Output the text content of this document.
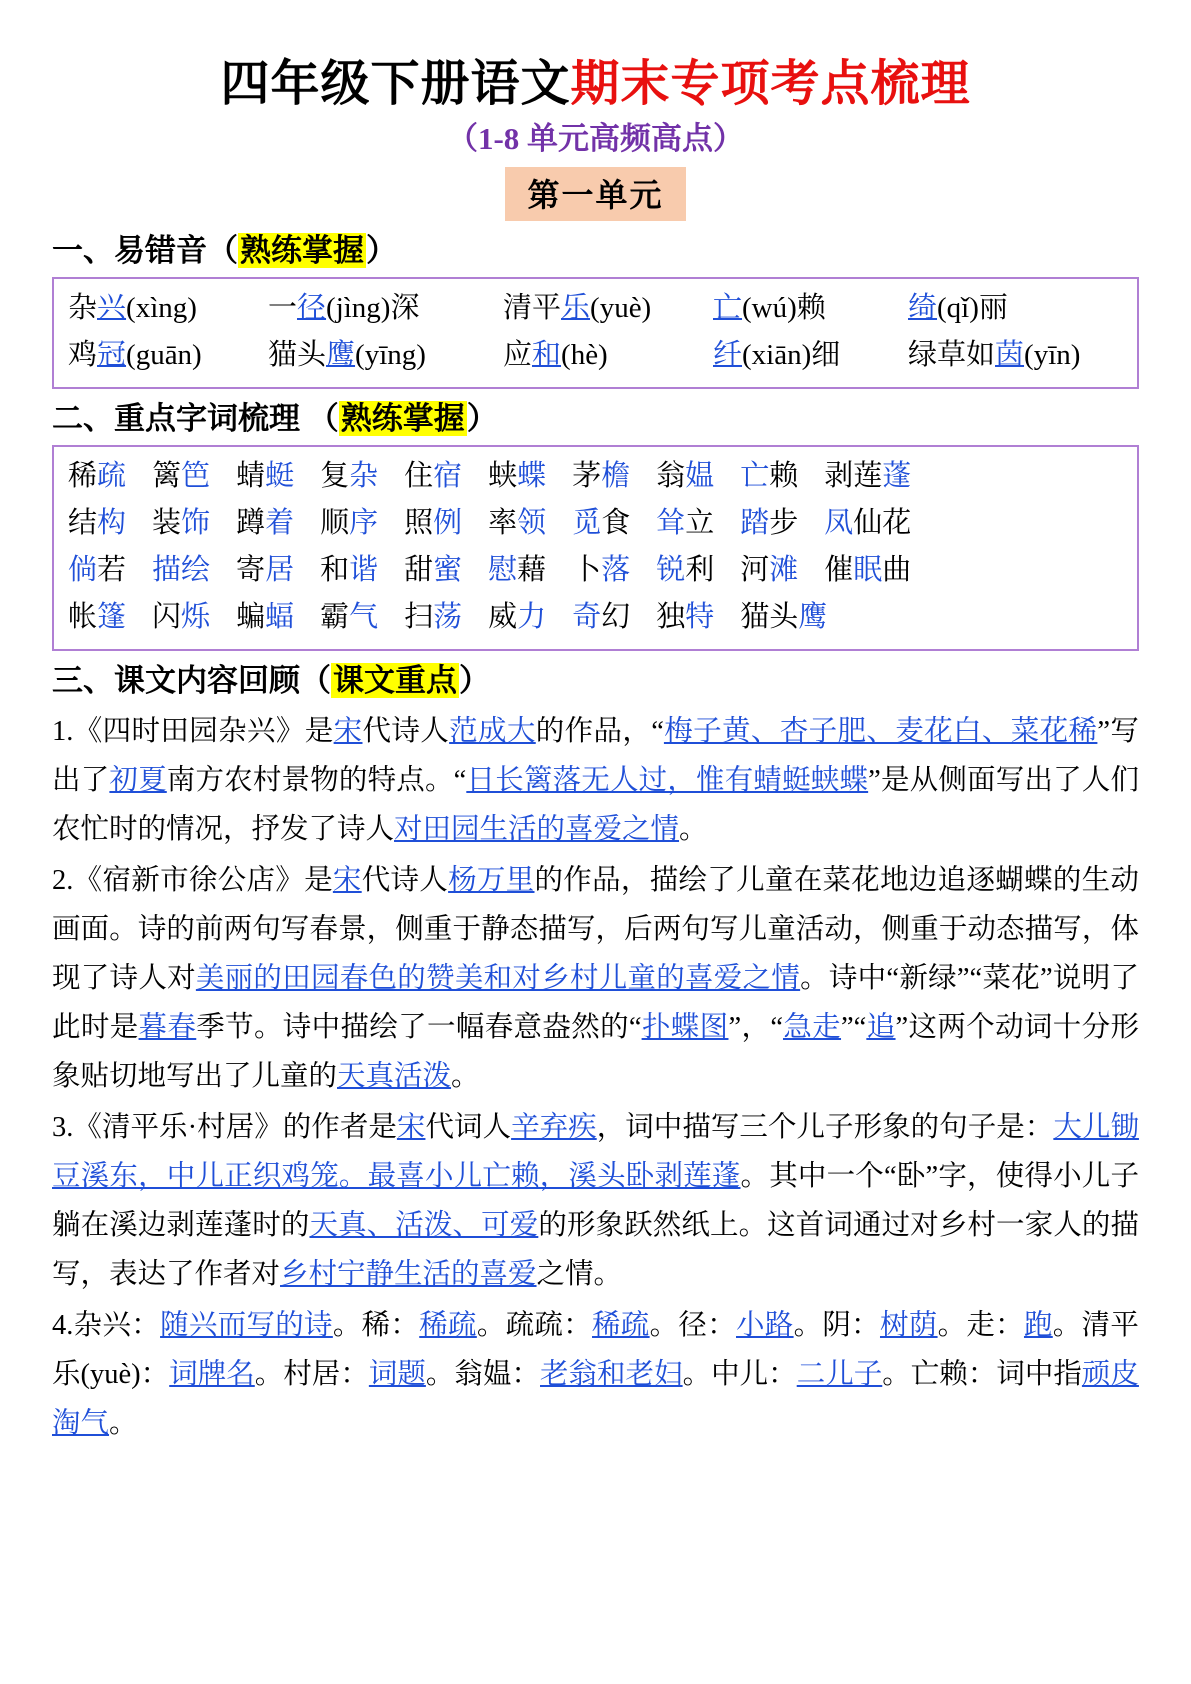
四年级下册语文期末专项考点梳理
（1-8 单元高频高点）
第一单元
一、易错音（熟练掌握）
杂兴(xìng)	一径(jìng)深	清平乐(yuè)	亡(wú)赖	绮(qǐ)丽
鸡冠(guān)	猫头鹰(yīng)	应和(hè)	纤(xiān)细	绿草如茵(yīn)
二、重点字词梳理 （熟练掌握）
稀疏 篱笆 蜻蜓 复杂 住宿 蛱蝶 茅檐 翁媪 亡赖 剥莲蓬
结构 装饰 蹲着 顺序 照例 率领 觅食 耸立 踏步 凤仙花
倘若 描绘 寄居 和谐 甜蜜 慰藉 卜落 锐利 河滩 催眠曲
帐篷 闪烁 蝙蝠 霸气 扫荡 威力 奇幻 独特 猫头鹰
三、课文内容回顾（课文重点）
1.《四时田园杂兴》是宋代诗人范成大的作品，“梅子黄、杏子肥、麦花白、菜花稀”写出了初夏南方农村景物的特点。“日长篱落无人过，惟有蜻蜓蛱蝶”是从侧面写出了人们农忙时的情况，抒发了诗人对田园生活的喜爱之情。
2.《宿新市徐公店》是宋代诗人杨万里的作品，描绘了儿童在菜花地边追逐蝴蝶的生动画面。诗的前两句写春景，侧重于静态描写，后两句写儿童活动，侧重于动态描写，体现了诗人对美丽的田园春色的赞美和对乡村儿童的喜爱之情。诗中“新绿”“菜花”说明了此时是暮春季节。诗中描绘了一幅春意盎然的“扑蝶图”，“急走”“追”这两个动词十分形象贴切地写出了儿童的天真活泼。
3.《清平乐·村居》的作者是宋代词人辛弃疾，词中描写三个儿子形象的句子是：大儿锄豆溪东，中儿正织鸡笼。最喜小儿亡赖，溪头卧剥莲蓬。其中一个“卧”字，使得小儿子躺在溪边剥莲蓬时的天真、活泼、可爱的形象跃然纸上。这首词通过对乡村一家人的描写，表达了作者对乡村宁静生活的喜爱之情。
4.杂兴：随兴而写的诗。稀：稀疏。疏疏：稀疏。径：小路。阴：树荫。走：跑。清平乐(yuè)：词牌名。村居：词题。翁媪：老翁和老妇。中儿：二儿子。亡赖：词中指顽皮淘气。
